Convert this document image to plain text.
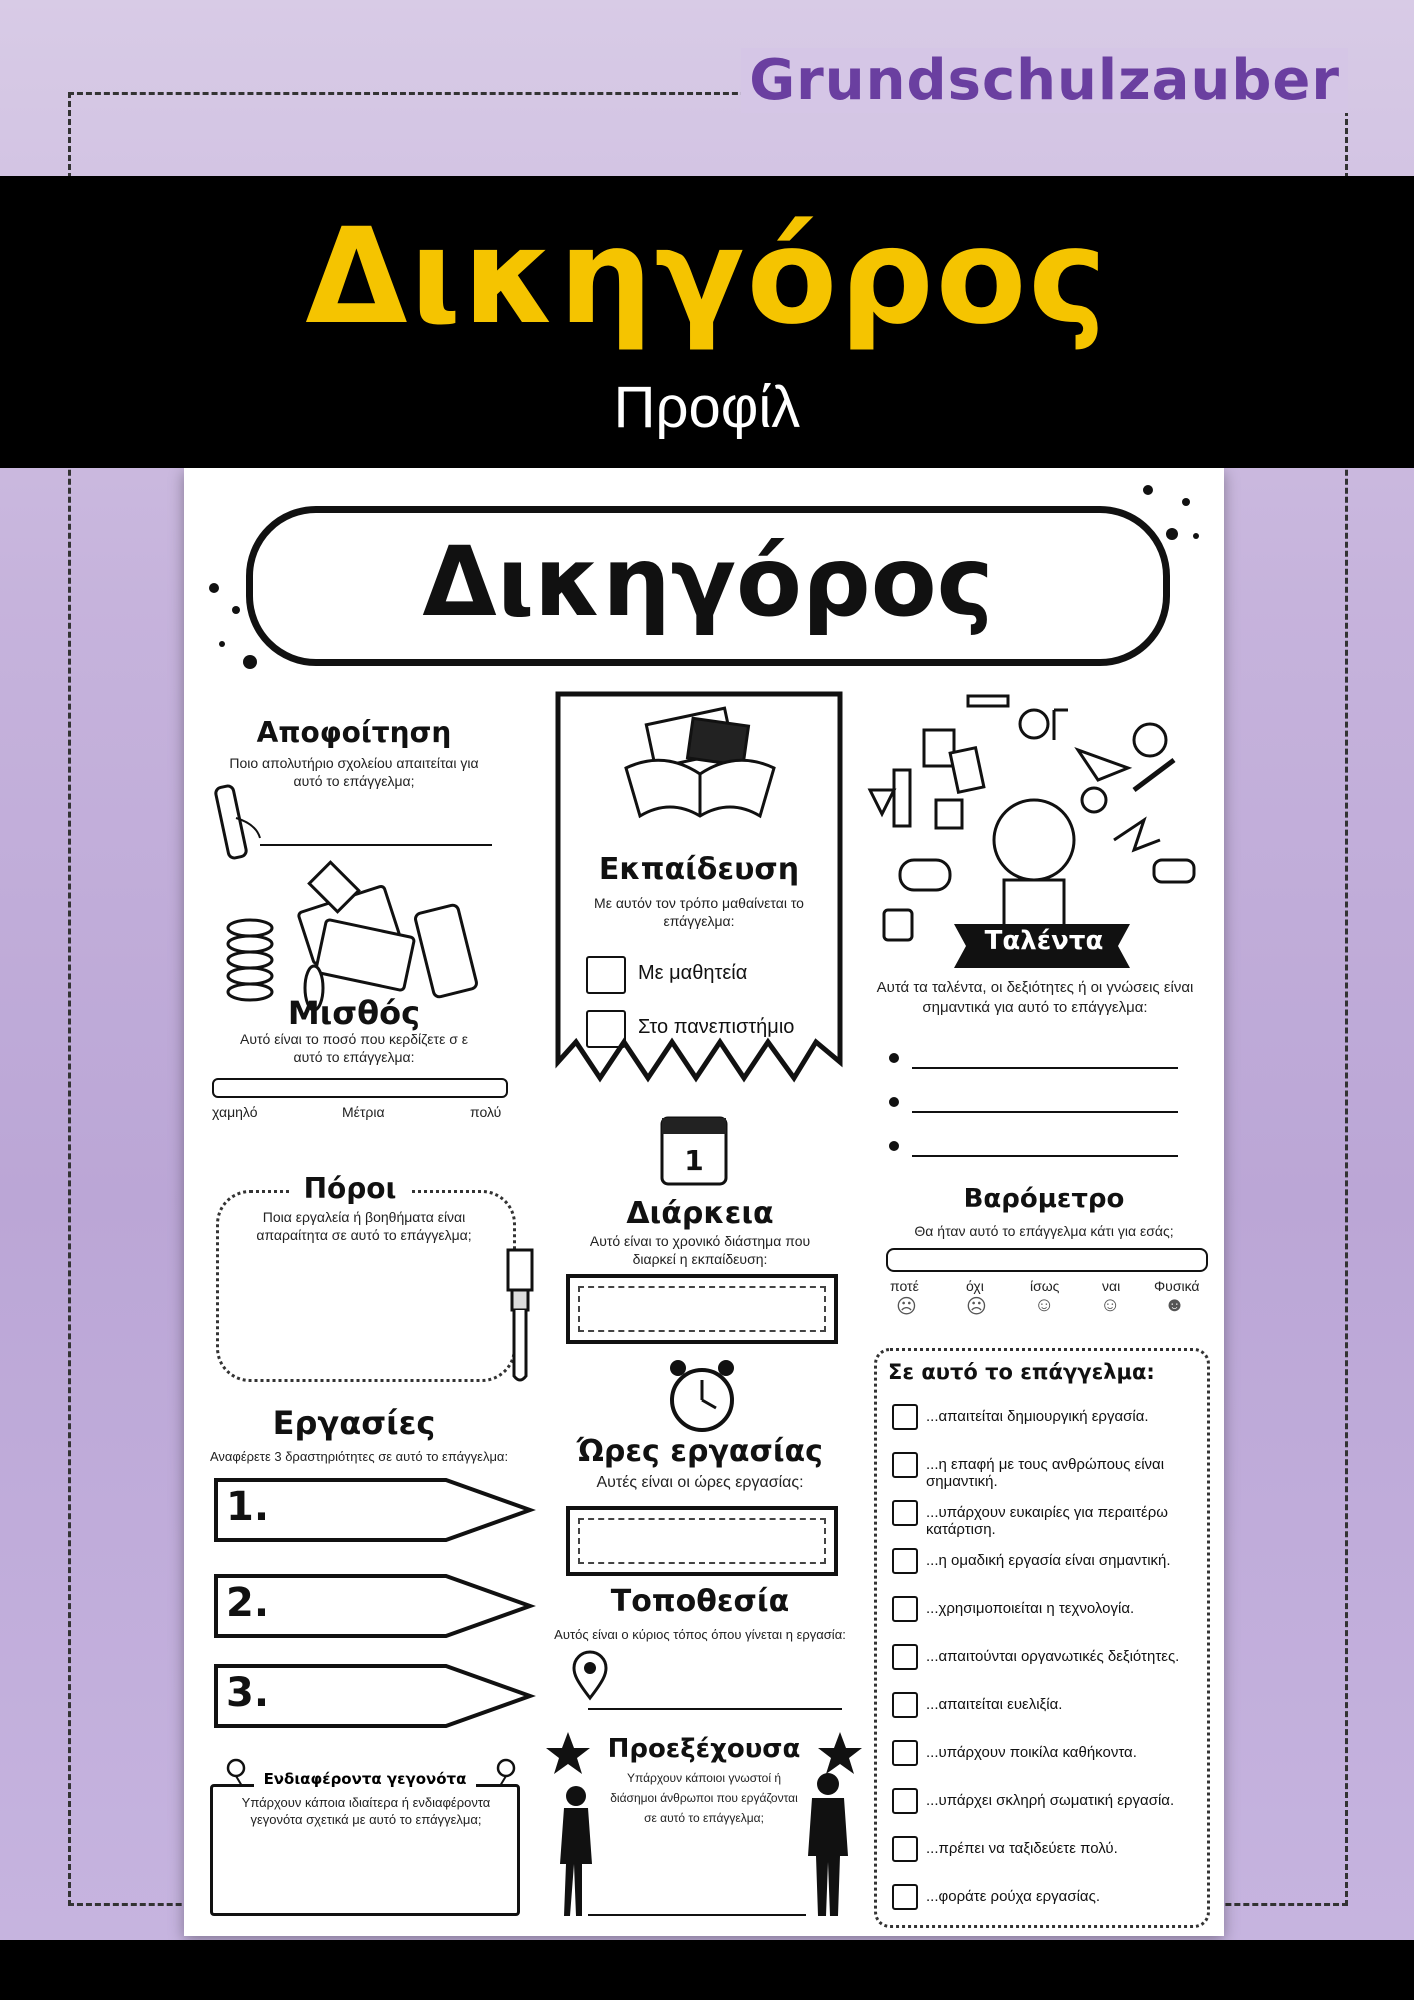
Grundschulzauber
Δικηγόρος
Προφίλ
Δικηγόρος
Αποφοίτηση
Ποιο απολυτήριο σχολείου απαιτείται για αυτό το επάγγελμα;
Μισθός
Αυτό είναι το ποσό που κερδίζετε σ ε αυτό το επάγγελμα:
χαμηλό	Μέτρια	πολύ
Πόροι
Ποια εργαλεία ή βοηθήματα είναι απαραίτητα σε αυτό το επάγγελμα;
Εργασίες
Αναφέρετε 3 δραστηριότητες σε αυτό το επάγγελμα:
1.
2.
3.
Ενδιαφέροντα γεγονότα
Υπάρχουν κάποια ιδιαίτερα ή ενδιαφέροντα γεγονότα σχετικά με αυτό το επάγγελμα;
Εκπαίδευση
Με αυτόν τον τρόπο μαθαίνεται το επάγγελμα:
Με μαθητεία
Στο πανεπιστήμιο
1
Διάρκεια
Αυτό είναι το χρονικό διάστημα που διαρκεί η εκπαίδευση:
Ώρες εργασίας
Αυτές είναι οι ώρες εργασίας:
Τοποθεσία
Αυτός είναι ο κύριος τόπος όπου γίνεται η εργασία:
Προεξέχουσα
Υπάρχουν κάποιοι γνωστοί ή διάσημοι άνθρωποι που εργάζονται σε αυτό το επάγγελμα;
Ταλέντα
Αυτά τα ταλέντα, οι δεξιότητες ή οι γνώσεις είναι σημαντικά για αυτό το επάγγελμα:
Βαρόμετρο
Θα ήταν αυτό το επάγγελμα κάτι για εσάς;
ποτέ	όχι	ίσως	ναι Φυσικά
☹ ☹ ☺ ☺ ☻
Σε αυτό το επάγγελμα:
...απαιτείται δημιουργική εργασία.
...η επαφή με τους ανθρώπους είναι σημαντική.
...υπάρχουν ευκαιρίες για περαιτέρω κατάρτιση.
...η ομαδική εργασία είναι σημαντική.
...χρησιμοποιείται η τεχνολογία.
...απαιτούνται οργανωτικές δεξιότητες.
...απαιτείται ευελιξία.
...υπάρχουν ποικίλα καθήκοντα.
...υπάρχει σκληρή σωματική εργασία.
...πρέπει να ταξιδεύετε πολύ.
...φοράτε ρούχα εργασίας.
